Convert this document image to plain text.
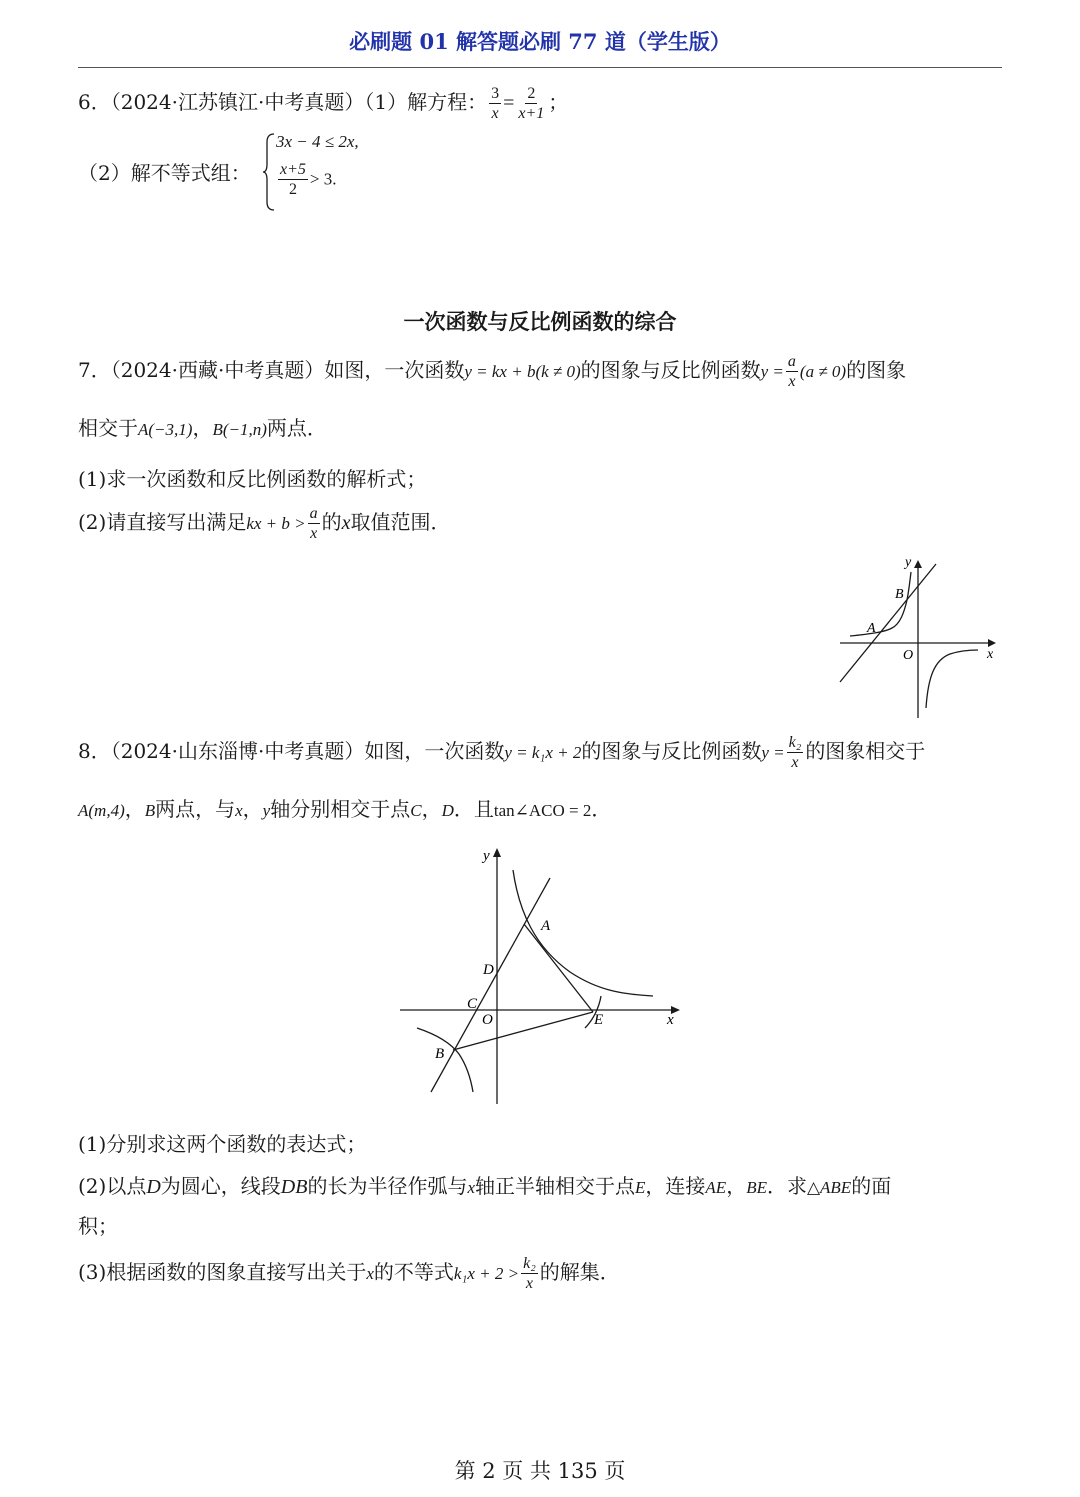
必刷题 01 解答题必刷 77 道（学生版）
6．（2024·江苏镇江·中考真题）（1）解方程： $\frac{3}{x} = \frac{2}{x+1}$ ；
（2）解不等式组：
3x − 4 ≤ 2x,
$\frac{x+5}{2} > 3$.
一次函数与反比例函数的综合
7．（2024·西藏·中考真题）如图，一次函数y = kx + b(k ≠ 0)的图象与反比例函数$y = \frac{a}{x} (a \ne 0)$的图象
相交于A(−3,1)，B(−1,n)两点．
(1)求一次函数和反比例函数的解析式；
(2)请直接写出满足kx + $b > \frac{a}{x}$ 的x取值范围．
y
x
O
A
B
8．（2024·山东淄博·中考真题）如图，一次函数y = k₁x + 2的图象与反比例函数$y = \frac{\text{k₂}}{x}$ 的图象相交于
A(m,4)，B两点，与x，y轴分别相交于点C，D．且tan∠ACO = 2．
y
x
O
A
B
C
D
E
(1)分别求这两个函数的表达式；
(2)以点D为圆心，线段DB的长为半径作弧与x轴正半轴相交于点E，连接AE，BE．求△ABE的面
积；
(3)根据函数的图象直接写出关于x的不等式$k_1x + 2 > \frac{\text{k₂}}{x}$ 的解集．
第 2 页 共 135 页
